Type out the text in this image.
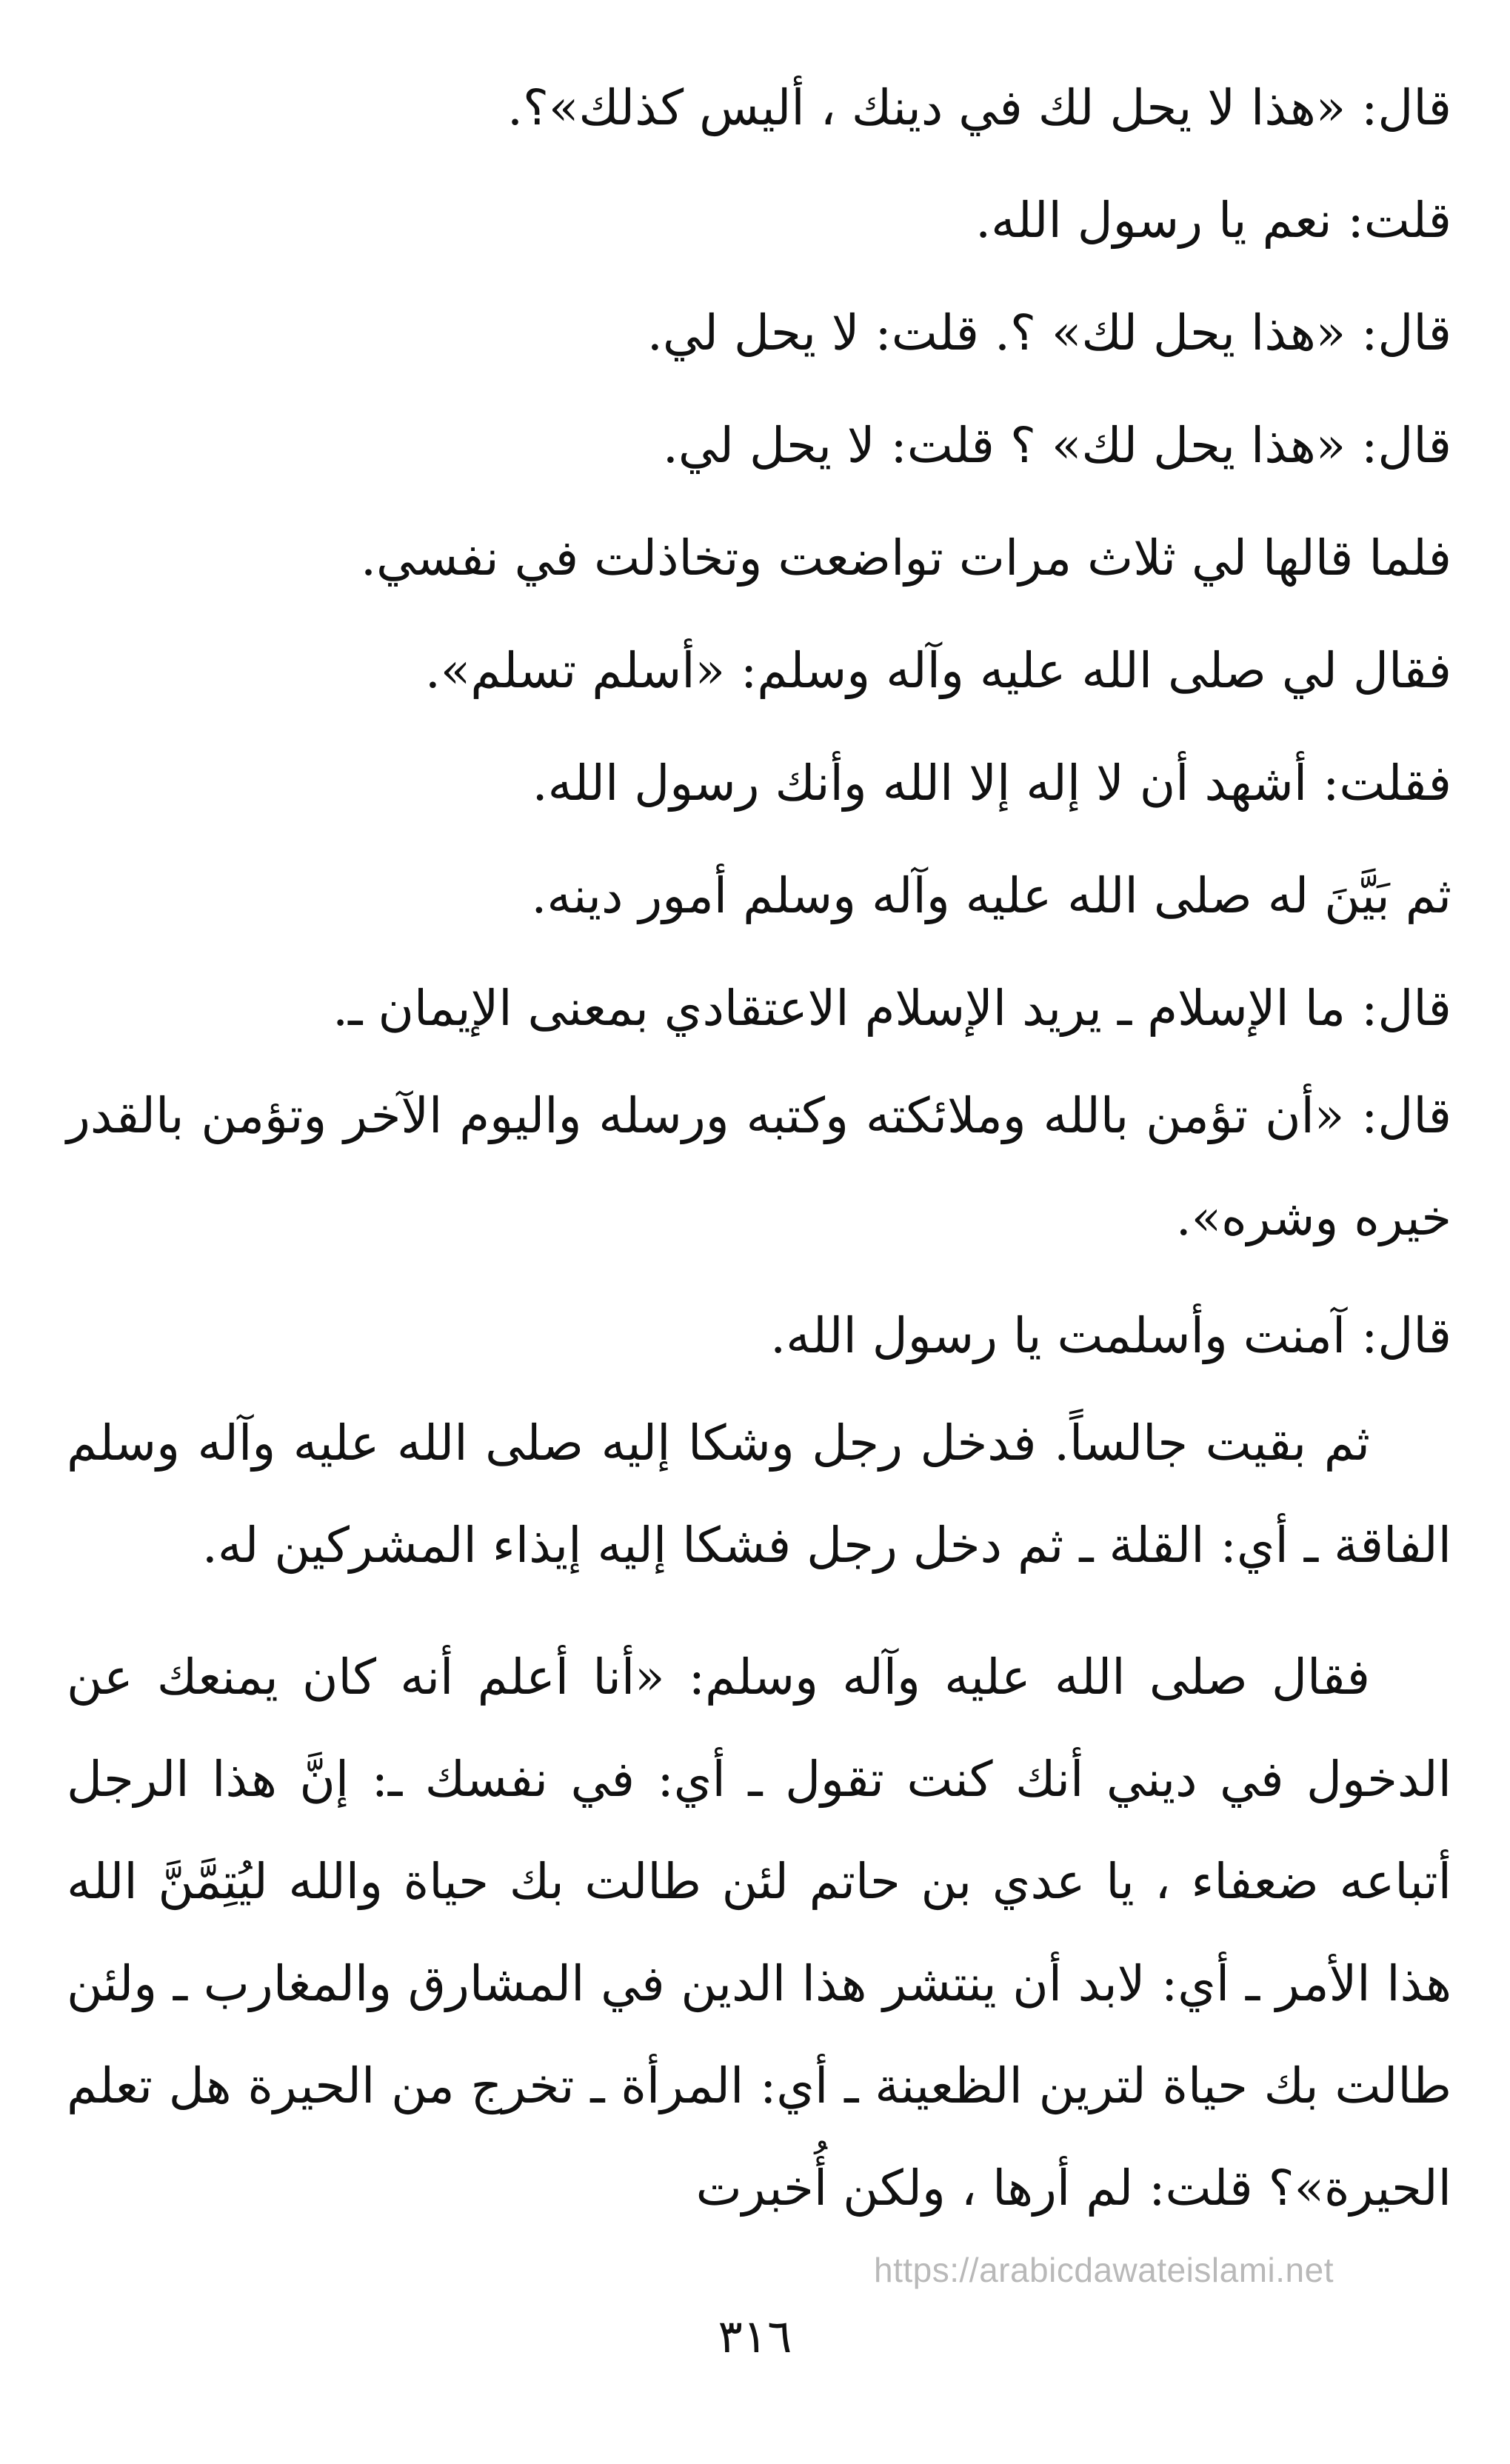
قال: «هذا لا يحل لك في دينك ، أليس كذلك»؟.

قلت: نعم يا رسول الله.

قال: «هذا يحل لك» ؟. قلت: لا يحل لي.

قال: «هذا يحل لك» ؟ قلت: لا يحل لي.

فلما قالها لي ثلاث مرات تواضعت وتخاذلت في نفسي.

فقال لي صلى الله عليه وآله وسلم: «أسلم تسلم».

فقلت: أشهد أن لا إله إلا الله وأنك رسول الله.

ثم بَيَّنَ له صلى الله عليه وآله وسلم أمور دينه.

قال: ما الإسلام ـ يريد الإسلام الاعتقادي بمعنى الإيمان ـ.

قال: «أن تؤمن بالله وملائكته وكتبه ورسله واليوم الآخر وتؤمن بالقدر خيره وشره».

قال: آمنت وأسلمت يا رسول الله.

ثم بقيت جالساً. فدخل رجل وشكا إليه صلى الله عليه وآله وسلم الفاقة ـ أي: القلة ـ ثم دخل رجل فشكا إليه إيذاء المشركين له.

فقال صلى الله عليه وآله وسلم: «أنا أعلم أنه كان يمنعك عن الدخول في ديني أنك كنت تقول ـ أي: في نفسك ـ: إنَّ هذا الرجل أتباعه ضعفاء ، يا عدي بن حاتم لئن طالت بك حياة والله ليُتِمَّنَّ الله هذا الأمر ـ أي: لابد أن ينتشر هذا الدين في المشارق والمغارب ـ ولئن طالت بك حياة لترين الظعينة ـ أي: المرأة ـ تخرج من الحيرة هل تعلم الحيرة»؟ قلت: لم أرها ، ولكن أُخبرت

https://arabicdawateislami.net
٣١٦
